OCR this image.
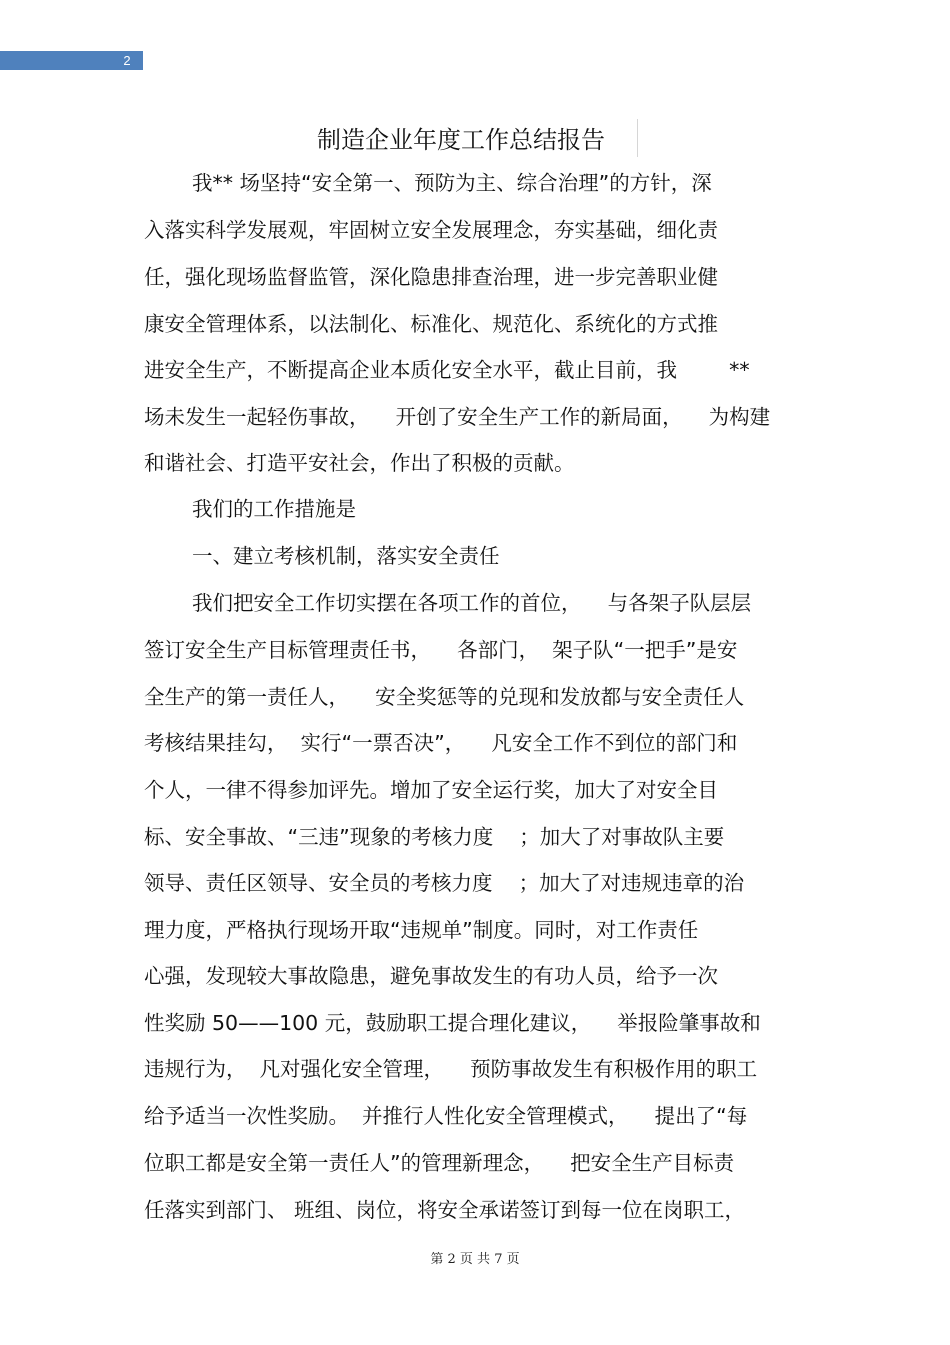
2
制造企业年度工作总结报告
我** 场坚持“安全第一、预防为主、综合治理”的方针，深
入落实科学发展观，牢固树立安全发展理念，夯实基础，细化责
任，强化现场监督监管，深化隐患排查治理，进一步完善职业健
康安全管理体系，以法制化、标准化、规范化、系统化的方式推
进安全生产，不断提高企业本质化安全水平，截止目前，我        **
场未发生一起轻伤事故，    开创了安全生产工作的新局面，    为构建
和谐社会、打造平安社会，作出了积极的贡献。
我们的工作措施是
一、建立考核机制，落实安全责任
我们把安全工作切实摆在各项工作的首位，    与各架子队层层
签订安全生产目标管理责任书，    各部门，  架子队“一把手”是安
全生产的第一责任人，    安全奖惩等的兑现和发放都与安全责任人
考核结果挂勾，  实行“一票否决”，    凡安全工作不到位的部门和
个人，一律不得参加评先。增加了安全运行奖，加大了对安全目
标、安全事故、“三违”现象的考核力度    ；加大了对事故队主要
领导、责任区领导、安全员的考核力度    ；加大了对违规违章的治
理力度，严格执行现场开取“违规单”制度。同时，对工作责任
心强，发现较大事故隐患，避免事故发生的有功人员，给予一次
性奖励 50——100 元，鼓励职工提合理化建议，    举报险肇事故和
违规行为，  凡对强化安全管理，    预防事故发生有积极作用的职工
给予适当一次性奖励。  并推行人性化安全管理模式，    提出了“每
位职工都是安全第一责任人”的管理新理念，    把安全生产目标责
任落实到部门、 班组、岗位，将安全承诺签订到每一位在岗职工，
第 2 页 共 7 页
